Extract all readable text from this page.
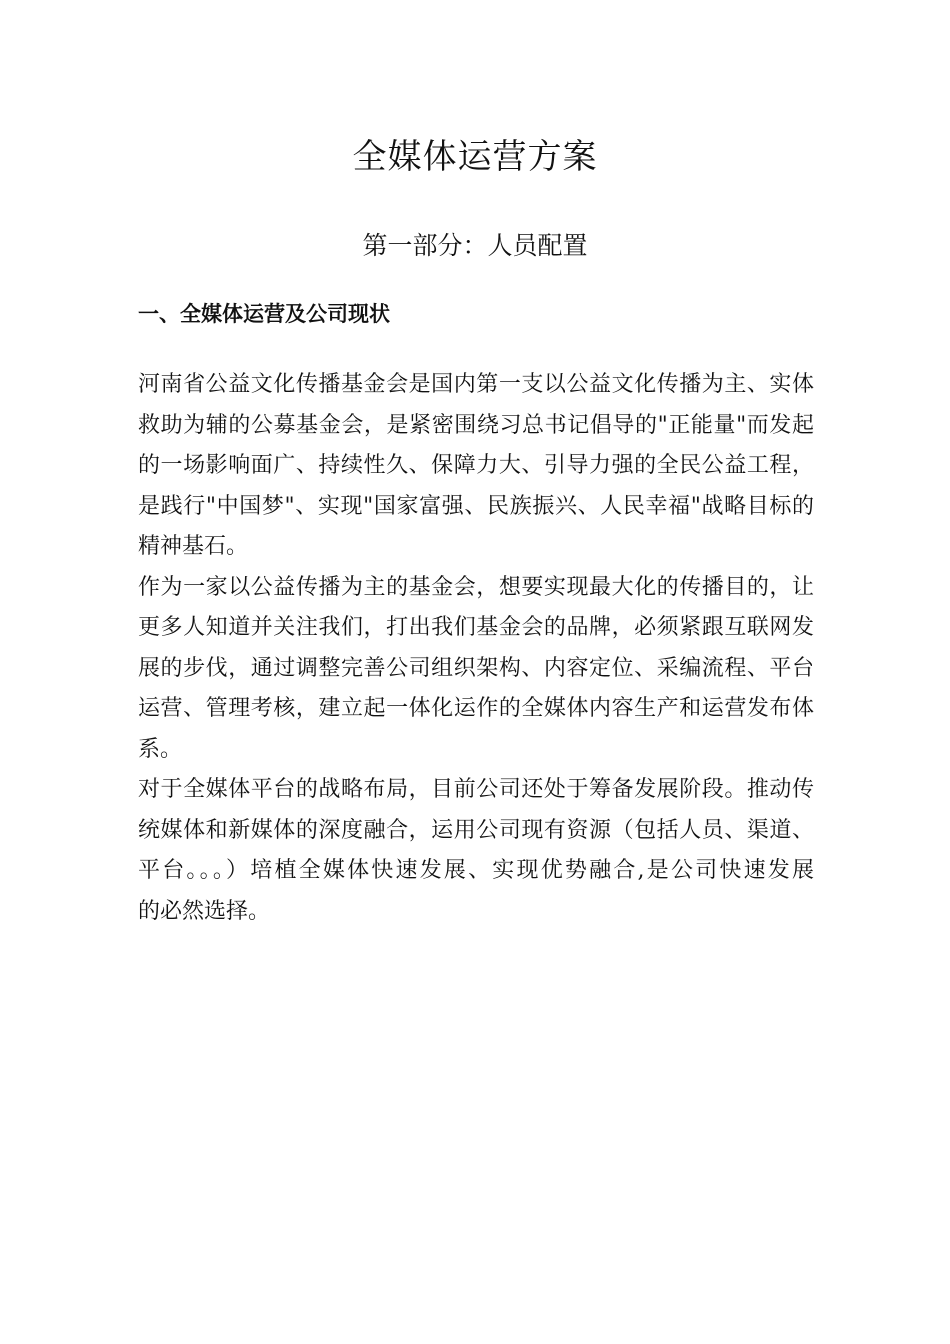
全媒体运营方案
第一部分：人员配置
一、全媒体运营及公司现状

河南省公益文化传播基金会是国内第一支以公益文化传播为主、实体
救助为辅的公募基金会，是紧密围绕习总书记倡导的"正能量"而发起
的一场影响面广、持续性久、保障力大、引导力强的全民公益工程，
是践行"中国梦"、实现"国家富强、民族振兴、人民幸福"战略目标的
精神基石。

作为一家以公益传播为主的基金会，想要实现最大化的传播目的，让
更多人知道并关注我们，打出我们基金会的品牌，必须紧跟互联网发
展的步伐，通过调整完善公司组织架构、内容定位、采编流程、平台
运营、管理考核，建立起一体化运作的全媒体内容生产和运营发布体
系。

对于全媒体平台的战略布局，目前公司还处于筹备发展阶段。推动传
统媒体和新媒体的深度融合，运用公司现有资源（包括人员、渠道、
平台。。。）培植全媒体快速发展、实现优势融合,是公司快速发展
的必然选择。
